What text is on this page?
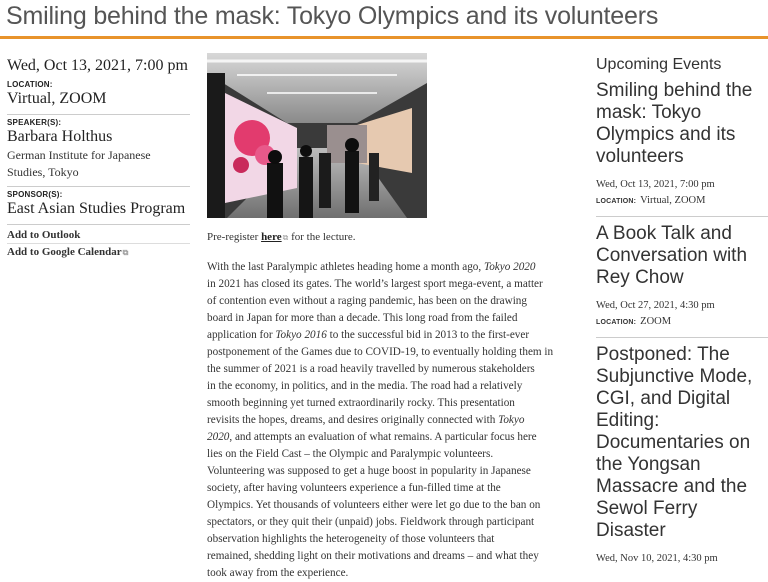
Smiling behind the mask: Tokyo Olympics and its volunteers
Wed, Oct 13, 2021, 7:00 pm
LOCATION:
Virtual, ZOOM
SPEAKER(S):
Barbara Holthus
German Institute for Japanese
Studies, Tokyo
SPONSOR(S):
East Asian Studies Program
Add to Outlook
Add to Google Calendar⧉
Pre-register here⧉ for the lecture.
With the last Paralympic athletes heading home a month ago, Tokyo 2020
in 2021 has closed its gates. The world’s largest sport mega-event, a matter
of contention even without a raging pandemic, has been on the drawing
board in Japan for more than a decade. This long road from the failed
application for Tokyo 2016 to the successful bid in 2013 to the first-ever
postponement of the Games due to COVID-19, to eventually holding them in
the summer of 2021 is a road heavily travelled by numerous stakeholders
in the economy, in politics, and in the media. The road had a relatively
smooth beginning yet turned extraordinarily rocky. This presentation
revisits the hopes, dreams, and desires originally connected with Tokyo
2020, and attempts an evaluation of what remains. A particular focus here
lies on the Field Cast – the Olympic and Paralympic volunteers.
Volunteering was supposed to get a huge boost in popularity in Japanese
society, after having volunteers experience a fun-filled time at the
Olympics. Yet thousands of volunteers either were let go due to the ban on
spectators, or they quit their (unpaid) jobs. Fieldwork through participant
observation highlights the heterogeneity of those volunteers that
remained, shedding light on their motivations and dreams – and what they
took away from the experience.
Upcoming Events
Smiling behind the
mask: Tokyo
Olympics and its
volunteers
Wed, Oct 13, 2021, 7:00 pm
LOCATION: Virtual, ZOOM
A Book Talk and
Conversation with
Rey Chow
Wed, Oct 27, 2021, 4:30 pm
LOCATION: ZOOM
Postponed: The
Subjunctive Mode,
CGI, and Digital
Editing:
Documentaries on
the Yongsan
Massacre and the
Sewol Ferry
Disaster
Wed, Nov 10, 2021, 4:30 pm
